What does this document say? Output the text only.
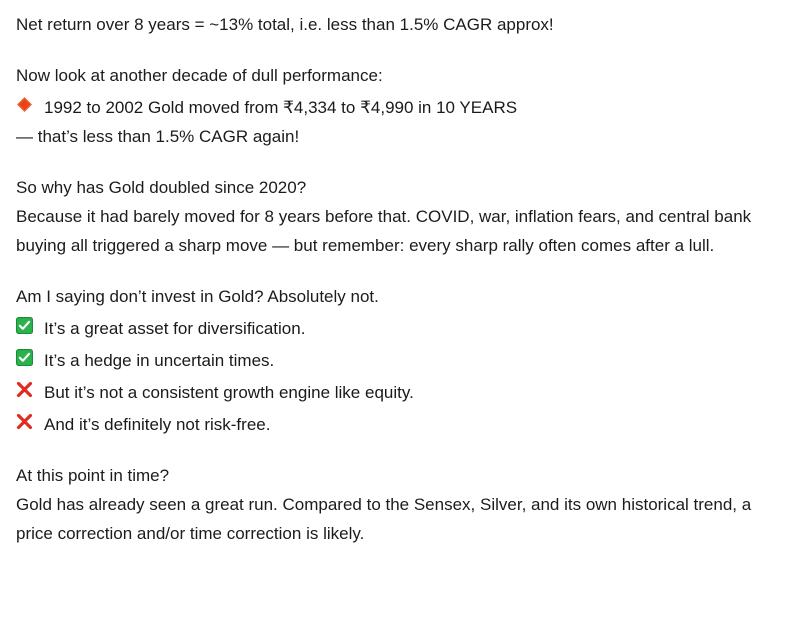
Net return over 8 years = ~13% total, i.e. less than 1.5% CAGR approx!
Now look at another decade of dull performance:
1992 to 2002 Gold moved from ₹4,334 to ₹4,990 in 10 YEARS
— that’s less than 1.5% CAGR again!
So why has Gold doubled since 2020?
Because it had barely moved for 8 years before that. COVID, war, inflation fears, and central bank buying all triggered a sharp move — but remember: every sharp rally often comes after a lull.
Am I saying don’t invest in Gold? Absolutely not.
It’s a great asset for diversification.
It’s a hedge in uncertain times.
But it’s not a consistent growth engine like equity.
And it’s definitely not risk-free.
At this point in time?
Gold has already seen a great run. Compared to the Sensex, Silver, and its own historical trend, a price correction and/or time correction is likely.
